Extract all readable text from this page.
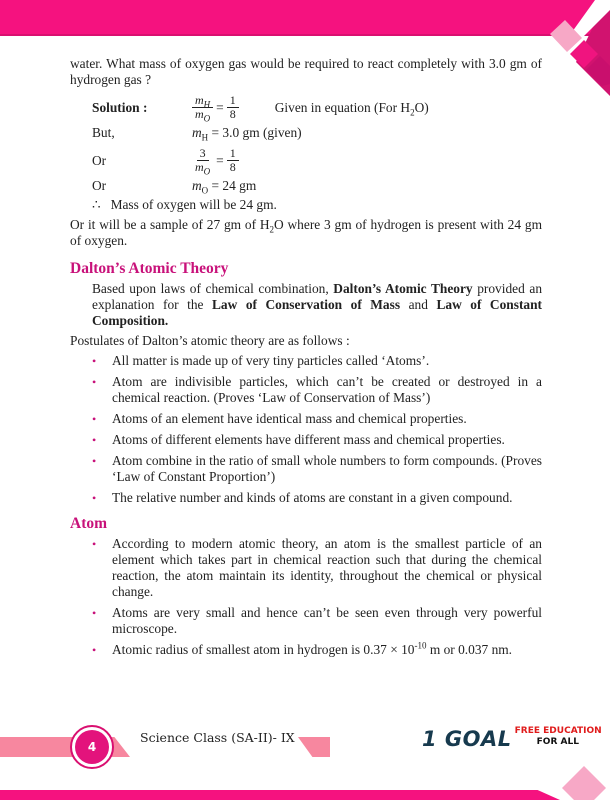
water. What mass of oxygen gas would be required to react completely with 3.0 gm of hydrogen gas ?

Solution :	$\frac{m_H}{m_O} = \frac{1}{8}$	Given in equation (For $H_2O$)
But,	$m_H = 3.0$ gm (given)
Or	$\frac{3}{m_O} = \frac{1}{8}$
Or	$m_O = 24$ gm

∴ Mass of oxygen will be 24 gm.

Or it will be a sample of 27 gm of $H_2O$ where 3 gm of hydrogen is present with 24 gm of oxygen.

Dalton’s Atomic Theory

Based upon laws of chemical combination, Dalton’s Atomic Theory provided an explanation for the Law of Conservation of Mass and Law of Constant Composition.

Postulates of Dalton’s atomic theory are as follows :

• All matter is made up of very tiny particles called ‘Atoms’.
• Atom are indivisible particles, which can’t be created or destroyed in a chemical reaction. (Proves ‘Law of Conservation of Mass’)
• Atoms of an element have identical mass and chemical properties.
• Atoms of different elements have different mass and chemical properties.
• Atom combine in the ratio of small whole numbers to form compounds. (Proves ‘Law of Constant Proportion’)
• The relative number and kinds of atoms are constant in a given compound.
Atom
• According to modern atomic theory, an atom is the smallest particle of an element which takes part in chemical reaction such that during the chemical reaction, the atom maintain its identity, throughout the chemical or physical change.
• Atoms are very small and hence can’t be seen even through very powerful microscope.
• Atomic radius of smallest atom in hydrogen is $0.37 \times 10^{-10}$ m or 0.037 nm.
4
Science Class (SA-II)- IX	1 GOAL FREE EDUCATION
FOR ALL
